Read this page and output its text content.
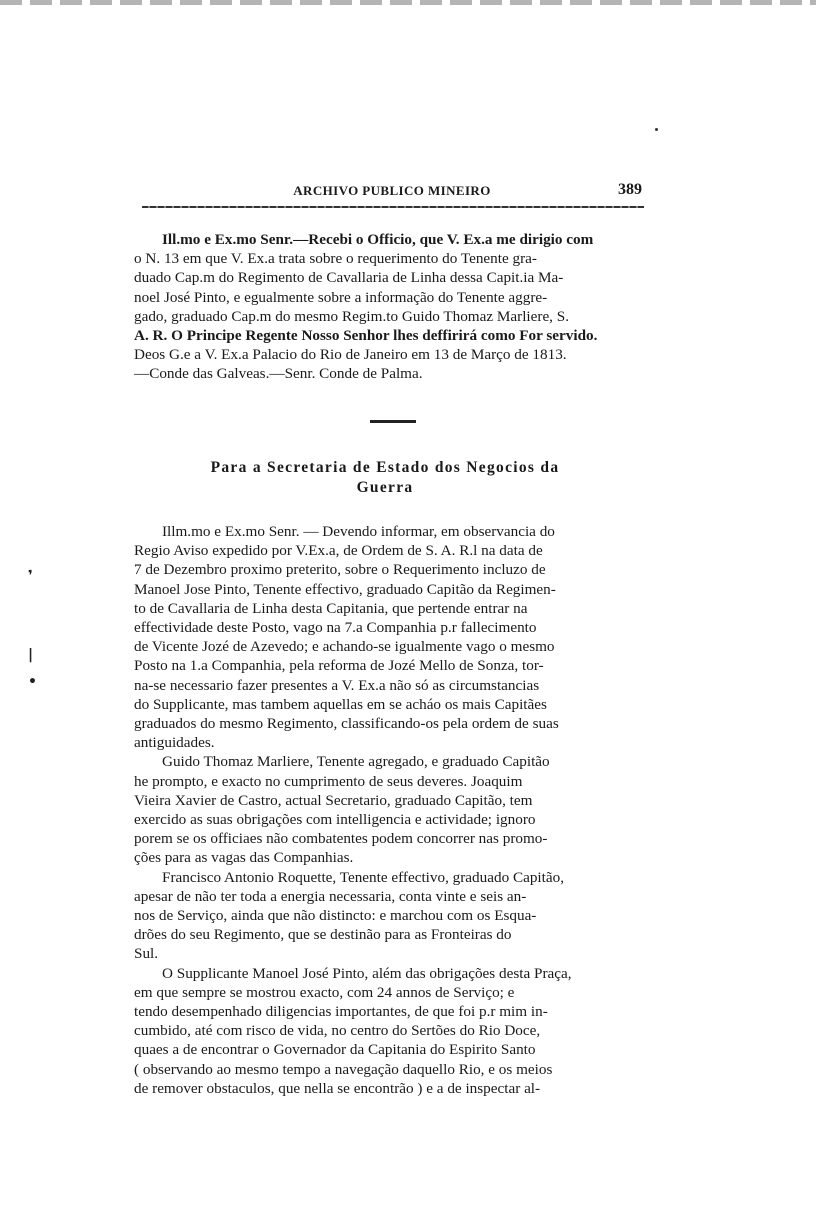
❜
|
•
ARCHIVO PUBLICO MINEIRO	389
Ill.mo e Ex.mo Senr.—Recebi o Officio, que V. Ex.a me dirigio com
o N. 13 em que V. Ex.a trata sobre o requerimento do Tenente gra-
duado Cap.m do Regimento de Cavallaria de Linha dessa Capit.ia Ma-
noel José Pinto, e egualmente sobre a informação do Tenente aggre-
gado, graduado Cap.m do mesmo Regim.to Guido Thomaz Marliere, S.
A. R. O Principe Regente Nosso Senhor lhes deffirirá como For servido.
Deos G.e a V. Ex.a Palacio do Rio de Janeiro em 13 de Março de 1813.
—Conde das Galveas.—Senr. Conde de Palma.
Para a Secretaria de Estado dos Negocios da
Guerra
Illm.mo e Ex.mo Senr. — Devendo informar, em observancia do
Regio Aviso expedido por V.Ex.a, de Ordem de S. A. R.l na data de
7 de Dezembro proximo preterito, sobre o Requerimento incluzo de
Manoel Jose Pinto, Tenente effectivo, graduado Capitão da Regimen-
to de Cavallaria de Linha desta Capitania, que pertende entrar na
effectividade deste Posto, vago na 7.a Companhia p.r fallecimento
de Vicente Jozé de Azevedo; e achando-se igualmente vago o mesmo
Posto na 1.a Companhia, pela reforma de Jozé Mello de Sonza, tor-
na-se necessario fazer presentes a V. Ex.a não só as circumstancias
do Supplicante, mas tambem aquellas em se acháo os mais Capitães
graduados do mesmo Regimento, classificando-os pela ordem de suas
antiguidades.
Guido Thomaz Marliere, Tenente agregado, e graduado Capitão
he prompto, e exacto no cumprimento de seus deveres. Joaquim
Vieira Xavier de Castro, actual Secretario, graduado Capitão, tem
exercido as suas obrigações com intelligencia e actividade; ignoro
porem se os officiaes não combatentes podem concorrer nas promo-
ções para as vagas das Companhias.
Francisco Antonio Roquette, Tenente effectivo, graduado Capitão,
apesar de não ter toda a energia necessaria, conta vinte e seis an-
nos de Serviço, ainda que não distincto: e marchou com os Esqua-
drões do seu Regimento, que se destinão para as Fronteiras do
Sul.
O Supplicante Manoel José Pinto, além das obrigações desta Praça,
em que sempre se mostrou exacto, com 24 annos de Serviço; e
tendo desempenhado diligencias importantes, de que foi p.r mim in-
cumbido, até com risco de vida, no centro do Sertões do Rio Doce,
quaes a de encontrar o Governador da Capitania do Espirito Santo
( observando ao mesmo tempo a navegação daquello Rio, e os meios
de remover obstaculos, que nella se encontrão ) e a de inspectar al-
